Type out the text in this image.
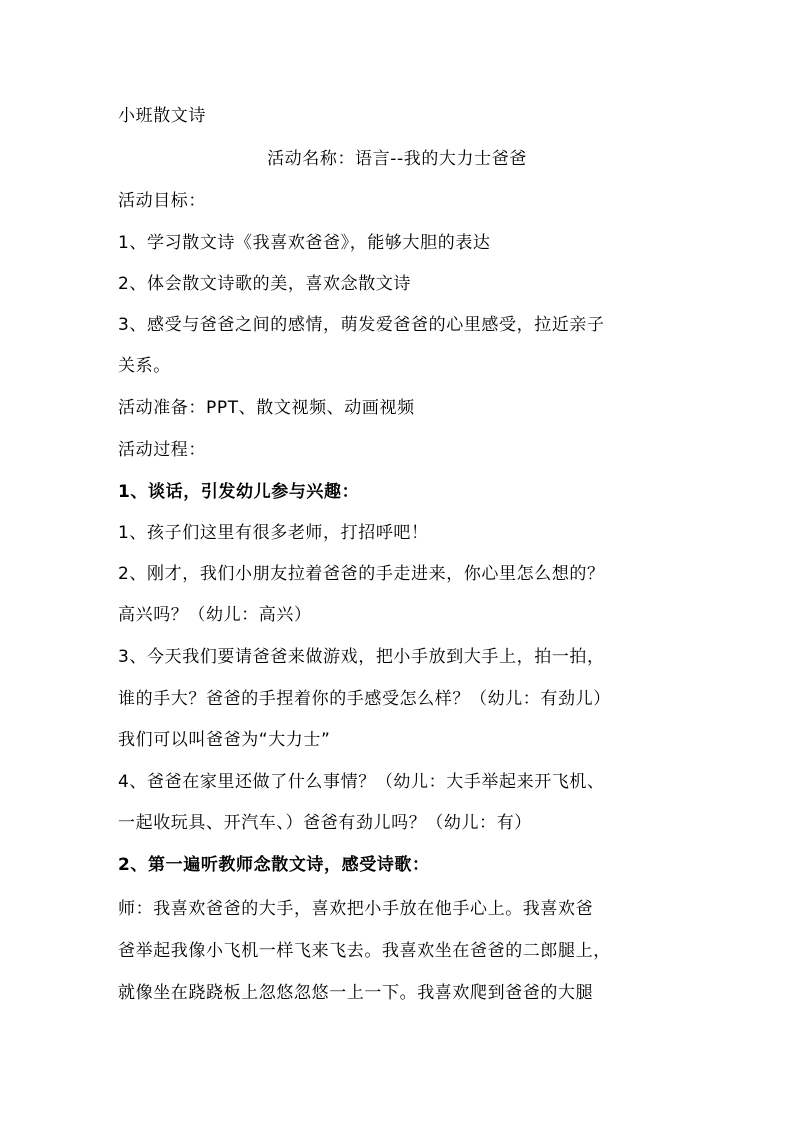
小班散文诗
活动名称：语言--我的大力士爸爸
活动目标：
1、学习散文诗《我喜欢爸爸》，能够大胆的表达
2、体会散文诗歌的美，喜欢念散文诗
3、感受与爸爸之间的感情，萌发爱爸爸的心里感受，拉近亲子
关系。
活动准备：PPT、散文视频、动画视频
活动过程：
1、谈话，引发幼儿参与兴趣：
1、孩子们这里有很多老师，打招呼吧！
2、刚才，我们小朋友拉着爸爸的手走进来，你心里怎么想的？
高兴吗？（幼儿：高兴）
3、今天我们要请爸爸来做游戏，把小手放到大手上，拍一拍，
谁的手大？爸爸的手捏着你的手感受怎么样？（幼儿：有劲儿）
我们可以叫爸爸为“大力士”
4、爸爸在家里还做了什么事情？（幼儿：大手举起来开飞机、
一起收玩具、开汽车、）爸爸有劲儿吗？（幼儿：有）
2、第一遍听教师念散文诗，感受诗歌：
师：我喜欢爸爸的大手，喜欢把小手放在他手心上。我喜欢爸
爸举起我像小飞机一样飞来飞去。我喜欢坐在爸爸的二郎腿上，
就像坐在跷跷板上忽悠忽悠一上一下。我喜欢爬到爸爸的大腿
